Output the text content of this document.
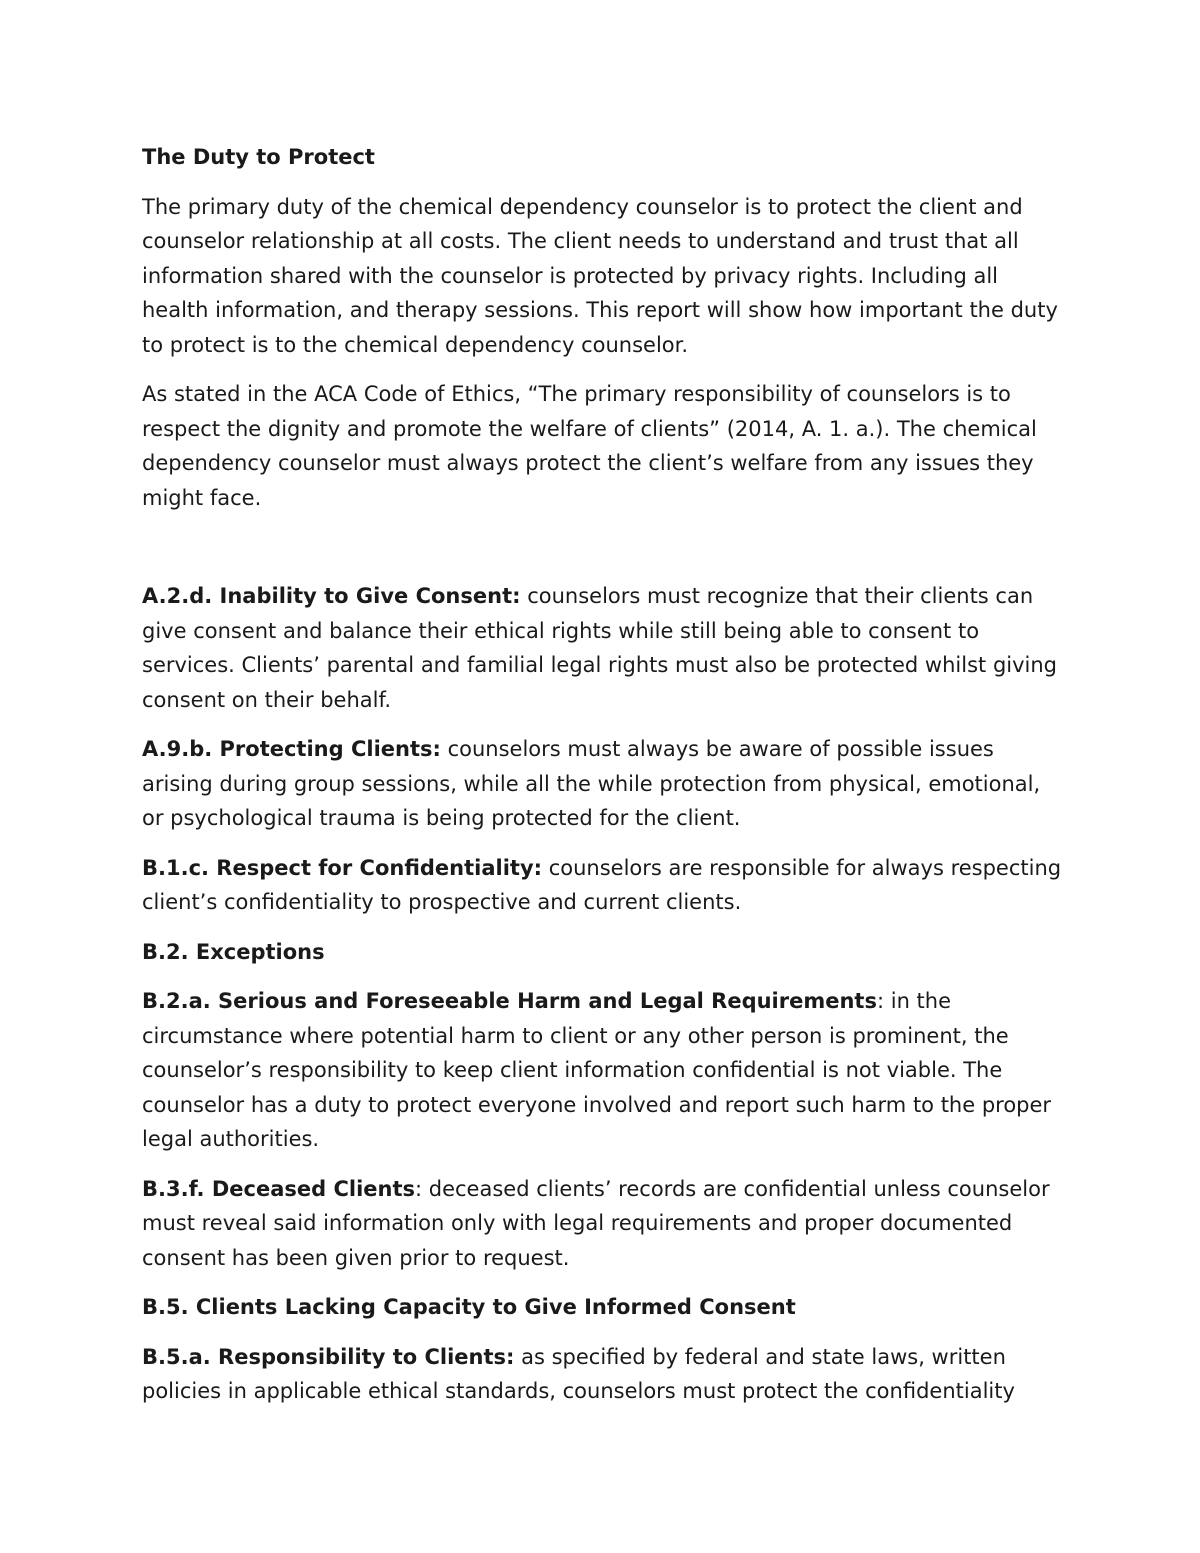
The Duty to Protect

The primary duty of the chemical dependency counselor is to protect the client and counselor relationship at all costs. The client needs to understand and trust that all information shared with the counselor is protected by privacy rights. Including all health information, and therapy sessions. This report will show how important the duty to protect is to the chemical dependency counselor.

As stated in the ACA Code of Ethics, “The primary responsibility of counselors is to respect the dignity and promote the welfare of clients” (2014, A. 1. a.). The chemical dependency counselor must always protect the client’s welfare from any issues they might face.

A.2.d. Inability to Give Consent: counselors must recognize that their clients can give consent and balance their ethical rights while still being able to consent to services. Clients’ parental and familial legal rights must also be protected whilst giving consent on their behalf.

A.9.b. Protecting Clients: counselors must always be aware of possible issues arising during group sessions, while all the while protection from physical, emotional, or psychological trauma is being protected for the client.

B.1.c. Respect for Confidentiality: counselors are responsible for always respecting client’s confidentiality to prospective and current clients.

B.2. Exceptions

B.2.a. Serious and Foreseeable Harm and Legal Requirements: in the circumstance where potential harm to client or any other person is prominent, the counselor’s responsibility to keep client information confidential is not viable. The counselor has a duty to protect everyone involved and report such harm to the proper legal authorities.

B.3.f. Deceased Clients: deceased clients’ records are confidential unless counselor must reveal said information only with legal requirements and proper documented consent has been given prior to request.

B.5. Clients Lacking Capacity to Give Informed Consent

B.5.a. Responsibility to Clients: as specified by federal and state laws, written policies in applicable ethical standards, counselors must protect the confidentiality
